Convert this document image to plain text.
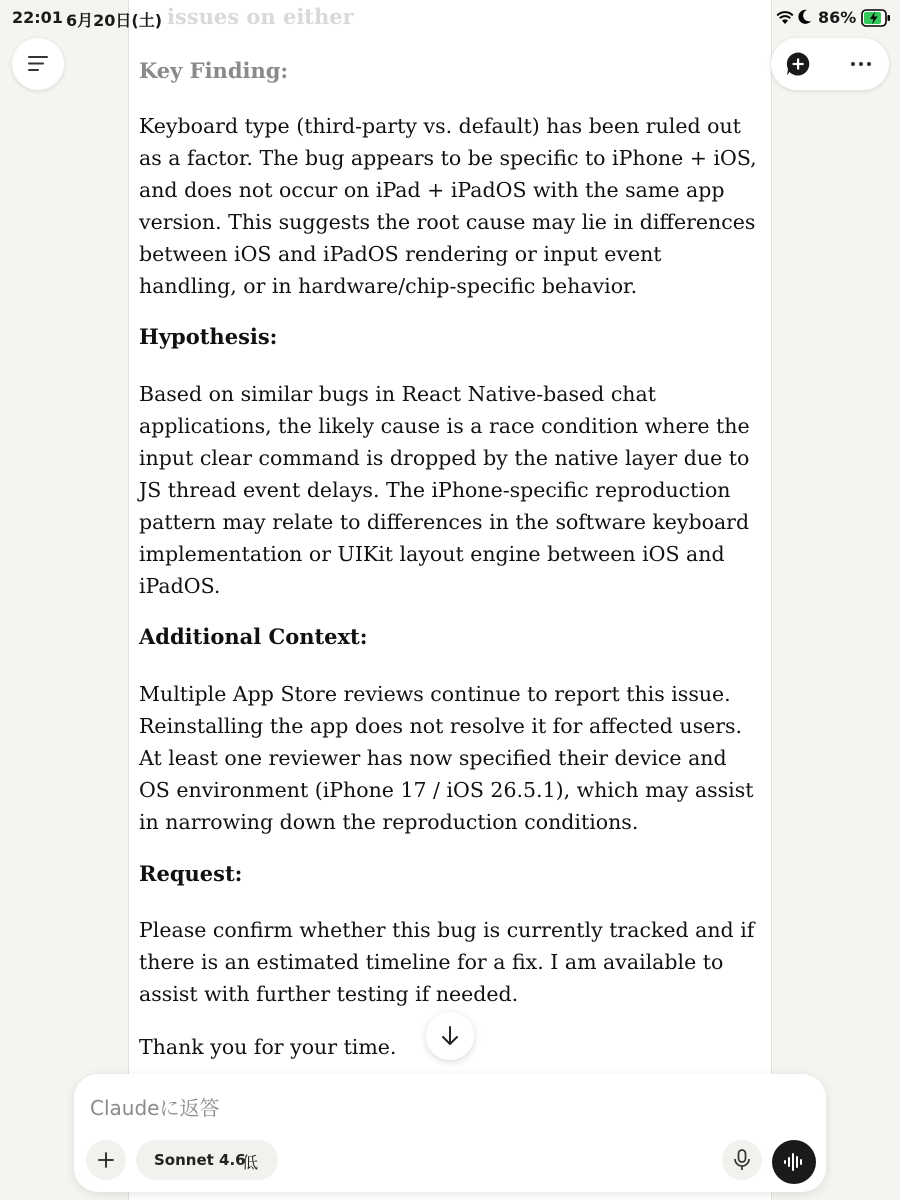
issues on either
Key Finding:
Keyboard type (third-party vs. default) has been ruled out as a factor. The bug appears to be specific to iPhone + iOS, and does not occur on iPad + iPadOS with the same app version. This suggests the root cause may lie in differences between iOS and iPadOS rendering or input event handling, or in hardware/chip-specific behavior.
Hypothesis:
Based on similar bugs in React Native-based chat applications, the likely cause is a race condition where the input clear command is dropped by the native layer due to JS thread event delays. The iPhone-specific reproduction pattern may relate to differences in the software keyboard implementation or UIKit layout engine between iOS and iPadOS.
Additional Context:
Multiple App Store reviews continue to report this issue. Reinstalling the app does not resolve it for affected users. At least one reviewer has now specified their device and OS environment (iPhone 17 / iOS 26.5.1), which may assist in narrowing down the reproduction conditions.
Request:
Please confirm whether this bug is currently tracked and if there is an estimated timeline for a fix. I am available to assist with further testing if needed.
Thank you for your time.
22:01 6月20日(土)	86%
Claudeに返答
Sonnet 4.6
低
